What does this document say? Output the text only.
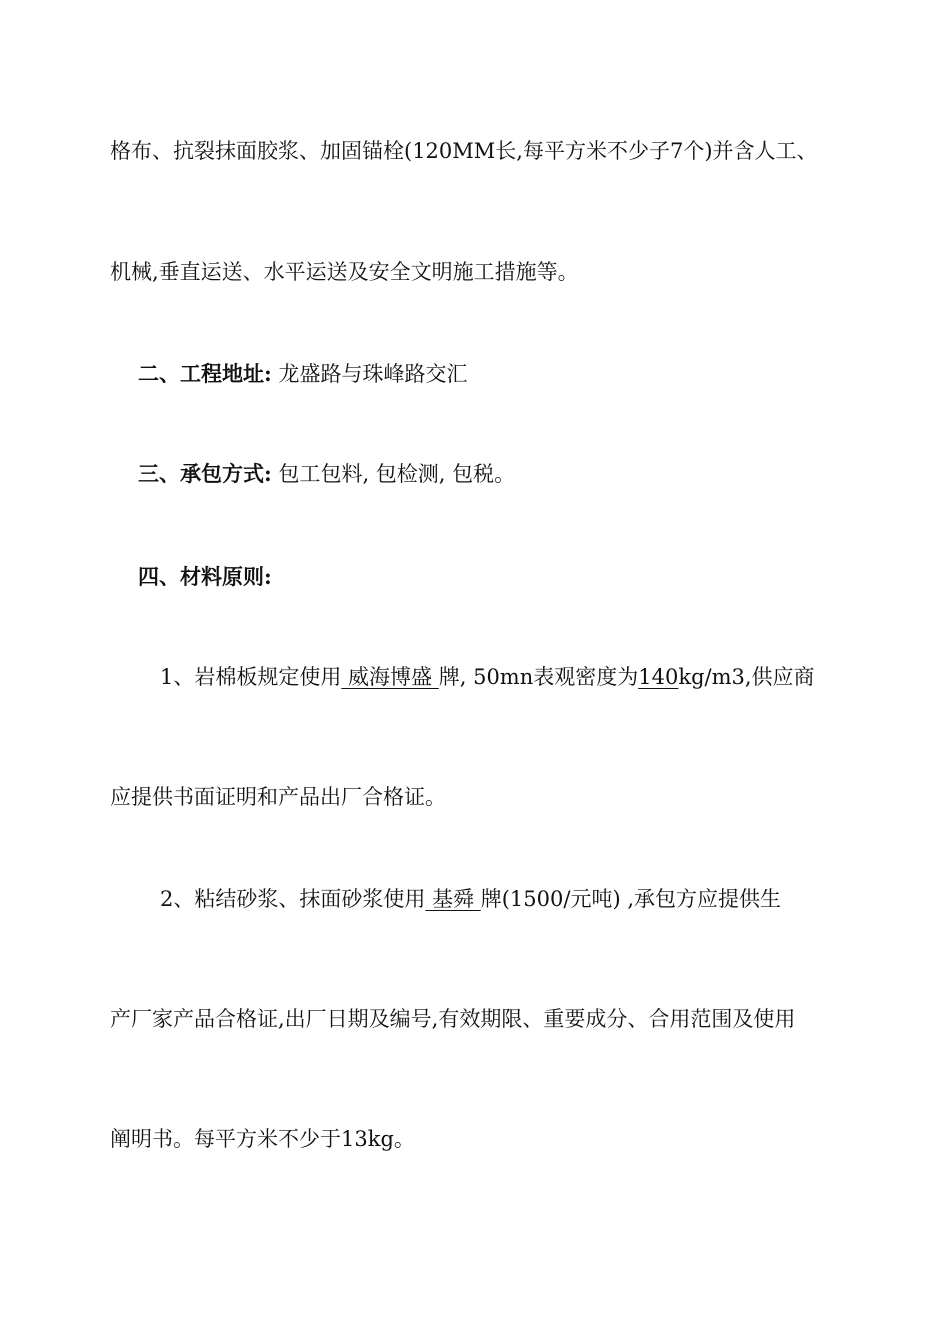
格布、抗裂抹面胶浆、加固锚栓(120MM长,每平方米不少子7个)并含人工、
机械,垂直运送、水平运送及安全文明施工措施等。
二、工程地址: 龙盛路与珠峰路交汇
三、承包方式: 包工包料, 包检测, 包税。
四、材料原则:
1、岩棉板规定使用 威海博盛 牌, 50mn表观密度为140kg/m3,供应商
应提供书面证明和产品出厂合格证。
2、粘结砂浆、抹面砂浆使用 基舜 牌(1500/元吨) ,承包方应提供生
产厂家产品合格证,出厂日期及编号,有效期限、重要成分、合用范围及使用
阐明书。每平方米不少于13kg。
